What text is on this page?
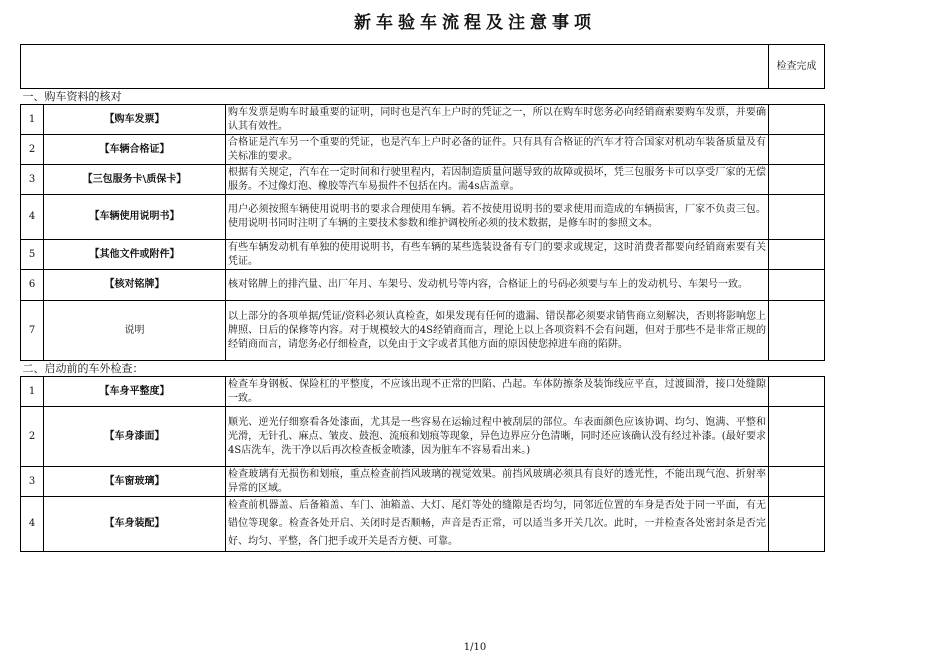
新车验车流程及注意事项
			检查完成
一、购车资料的核对			
1	【购车发票】	购车发票是购车时最重要的证明，同时也是汽车上户时的凭证之一，所以在购车时您务必向经销商索要购车发票，并要确认其有效性。	
2	【车辆合格证】	合格证是汽车另一个重要的凭证，也是汽车上户时必备的证件。只有具有合格证的汽车才符合国家对机动车装备质量及有关标准的要求。	
3	【三包服务卡\质保卡】	根据有关规定，汽车在一定时间和行驶里程内，若因制造质量问题导致的故障或损坏，凭三包服务卡可以享受厂家的无偿服务。不过像灯泡、橡胶等汽车易损件不包括在内。需4s店盖章。	
4	【车辆使用说明书】	用户必须按照车辆使用说明书的要求合理使用车辆。若不按使用说明书的要求使用而造成的车辆损害，厂家不负责三包。使用说明书同时注明了车辆的主要技术参数和维护调校所必须的技术数据，是修车时的参照文本。	
5	【其他文件或附件】	有些车辆发动机有单独的使用说明书，有些车辆的某些选装设备有专门的要求或规定，这时消费者都要向经销商索要有关凭证。	
6	【核对铭牌】	核对铭牌上的排汽量、出厂年月、车架号、发动机号等内容，合格证上的号码必须要与车上的发动机号、车架号一致。	
7	说明	以上部分的各项单据/凭证/资料必须认真检查，如果发现有任何的遗漏、错误都必须要求销售商立刻解决，否则将影响您上牌照、日后的保修等内容。对于规模较大的4S经销商而言，理论上以上各项资料不会有问题，但对于那些不是非常正规的经销商而言，请您务必仔细检查，以免由于文字或者其他方面的原因使您掉进车商的陷阱。	
二、启动前的车外检查：			
1	【车身平整度】	检查车身钢板、保险杠的平整度，不应该出现不正常的凹陷、凸起。车体防擦条及装饰线应平直，过渡圆滑，接口处缝隙一致。	
2	【车身漆面】	顺光、逆光仔细察看各处漆面，尤其是一些容易在运输过程中被刮层的部位。车表面颜色应该协调、均匀、饱满、平整和光滑，无针孔、麻点、皱皮、鼓泡、流痕和划痕等现象，异色边界应分色清晰，同时还应该确认没有经过补漆。(最好要求4S店洗车，洗干净以后再次检查板金喷漆，因为脏车不容易看出来。)	
3	【车窗玻璃】	检查玻璃有无损伤和划痕，重点检查前挡风玻璃的视觉效果。前挡风玻璃必须具有良好的透光性，不能出现气泡、折射率异常的区域。	
4	【车身装配】	检查前机器盖、后备箱盖、车门、油箱盖、大灯、尾灯等处的缝隙是否均匀，同邻近位置的车身是否处于同一平面，有无错位等现象。检查各处开启、关闭时是否顺畅，声音是否正常，可以适当多开关几次。此时，一并检查各处密封条是否完好、均匀、平整，各门把手或开关是否方便、可靠。	
1/10
